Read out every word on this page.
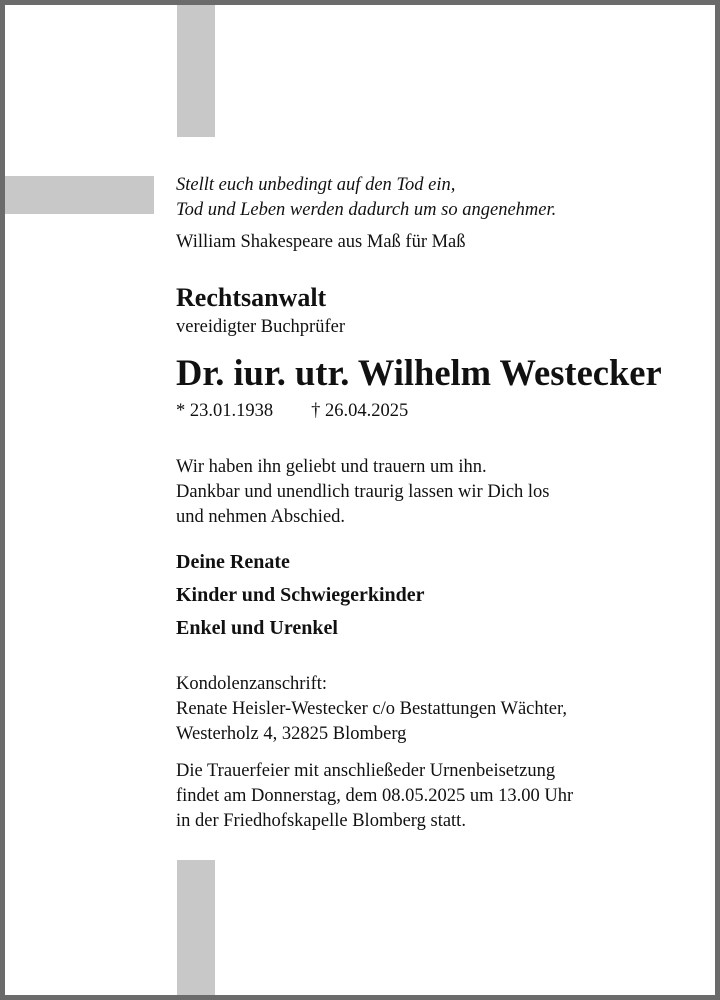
Stellt euch unbedingt auf den Tod ein,
Tod und Leben werden dadurch um so angenehmer.
William Shakespeare aus Maß für Maß
Rechtsanwalt
vereidigter Buchprüfer
Dr. iur. utr. Wilhelm Westecker
* 23.01.1938 † 26.04.2025
Wir haben ihn geliebt und trauern um ihn.
Dankbar und unendlich traurig lassen wir Dich los
und nehmen Abschied.
Deine Renate
Kinder und Schwiegerkinder
Enkel und Urenkel
Kondolenzanschrift:
Renate Heisler-Westecker c/o Bestattungen Wächter,
Westerholz 4, 32825 Blomberg
Die Trauerfeier mit anschließeder Urnenbeisetzung
findet am Donnerstag, dem 08.05.2025 um 13.00 Uhr
in der Friedhofskapelle Blomberg statt.
